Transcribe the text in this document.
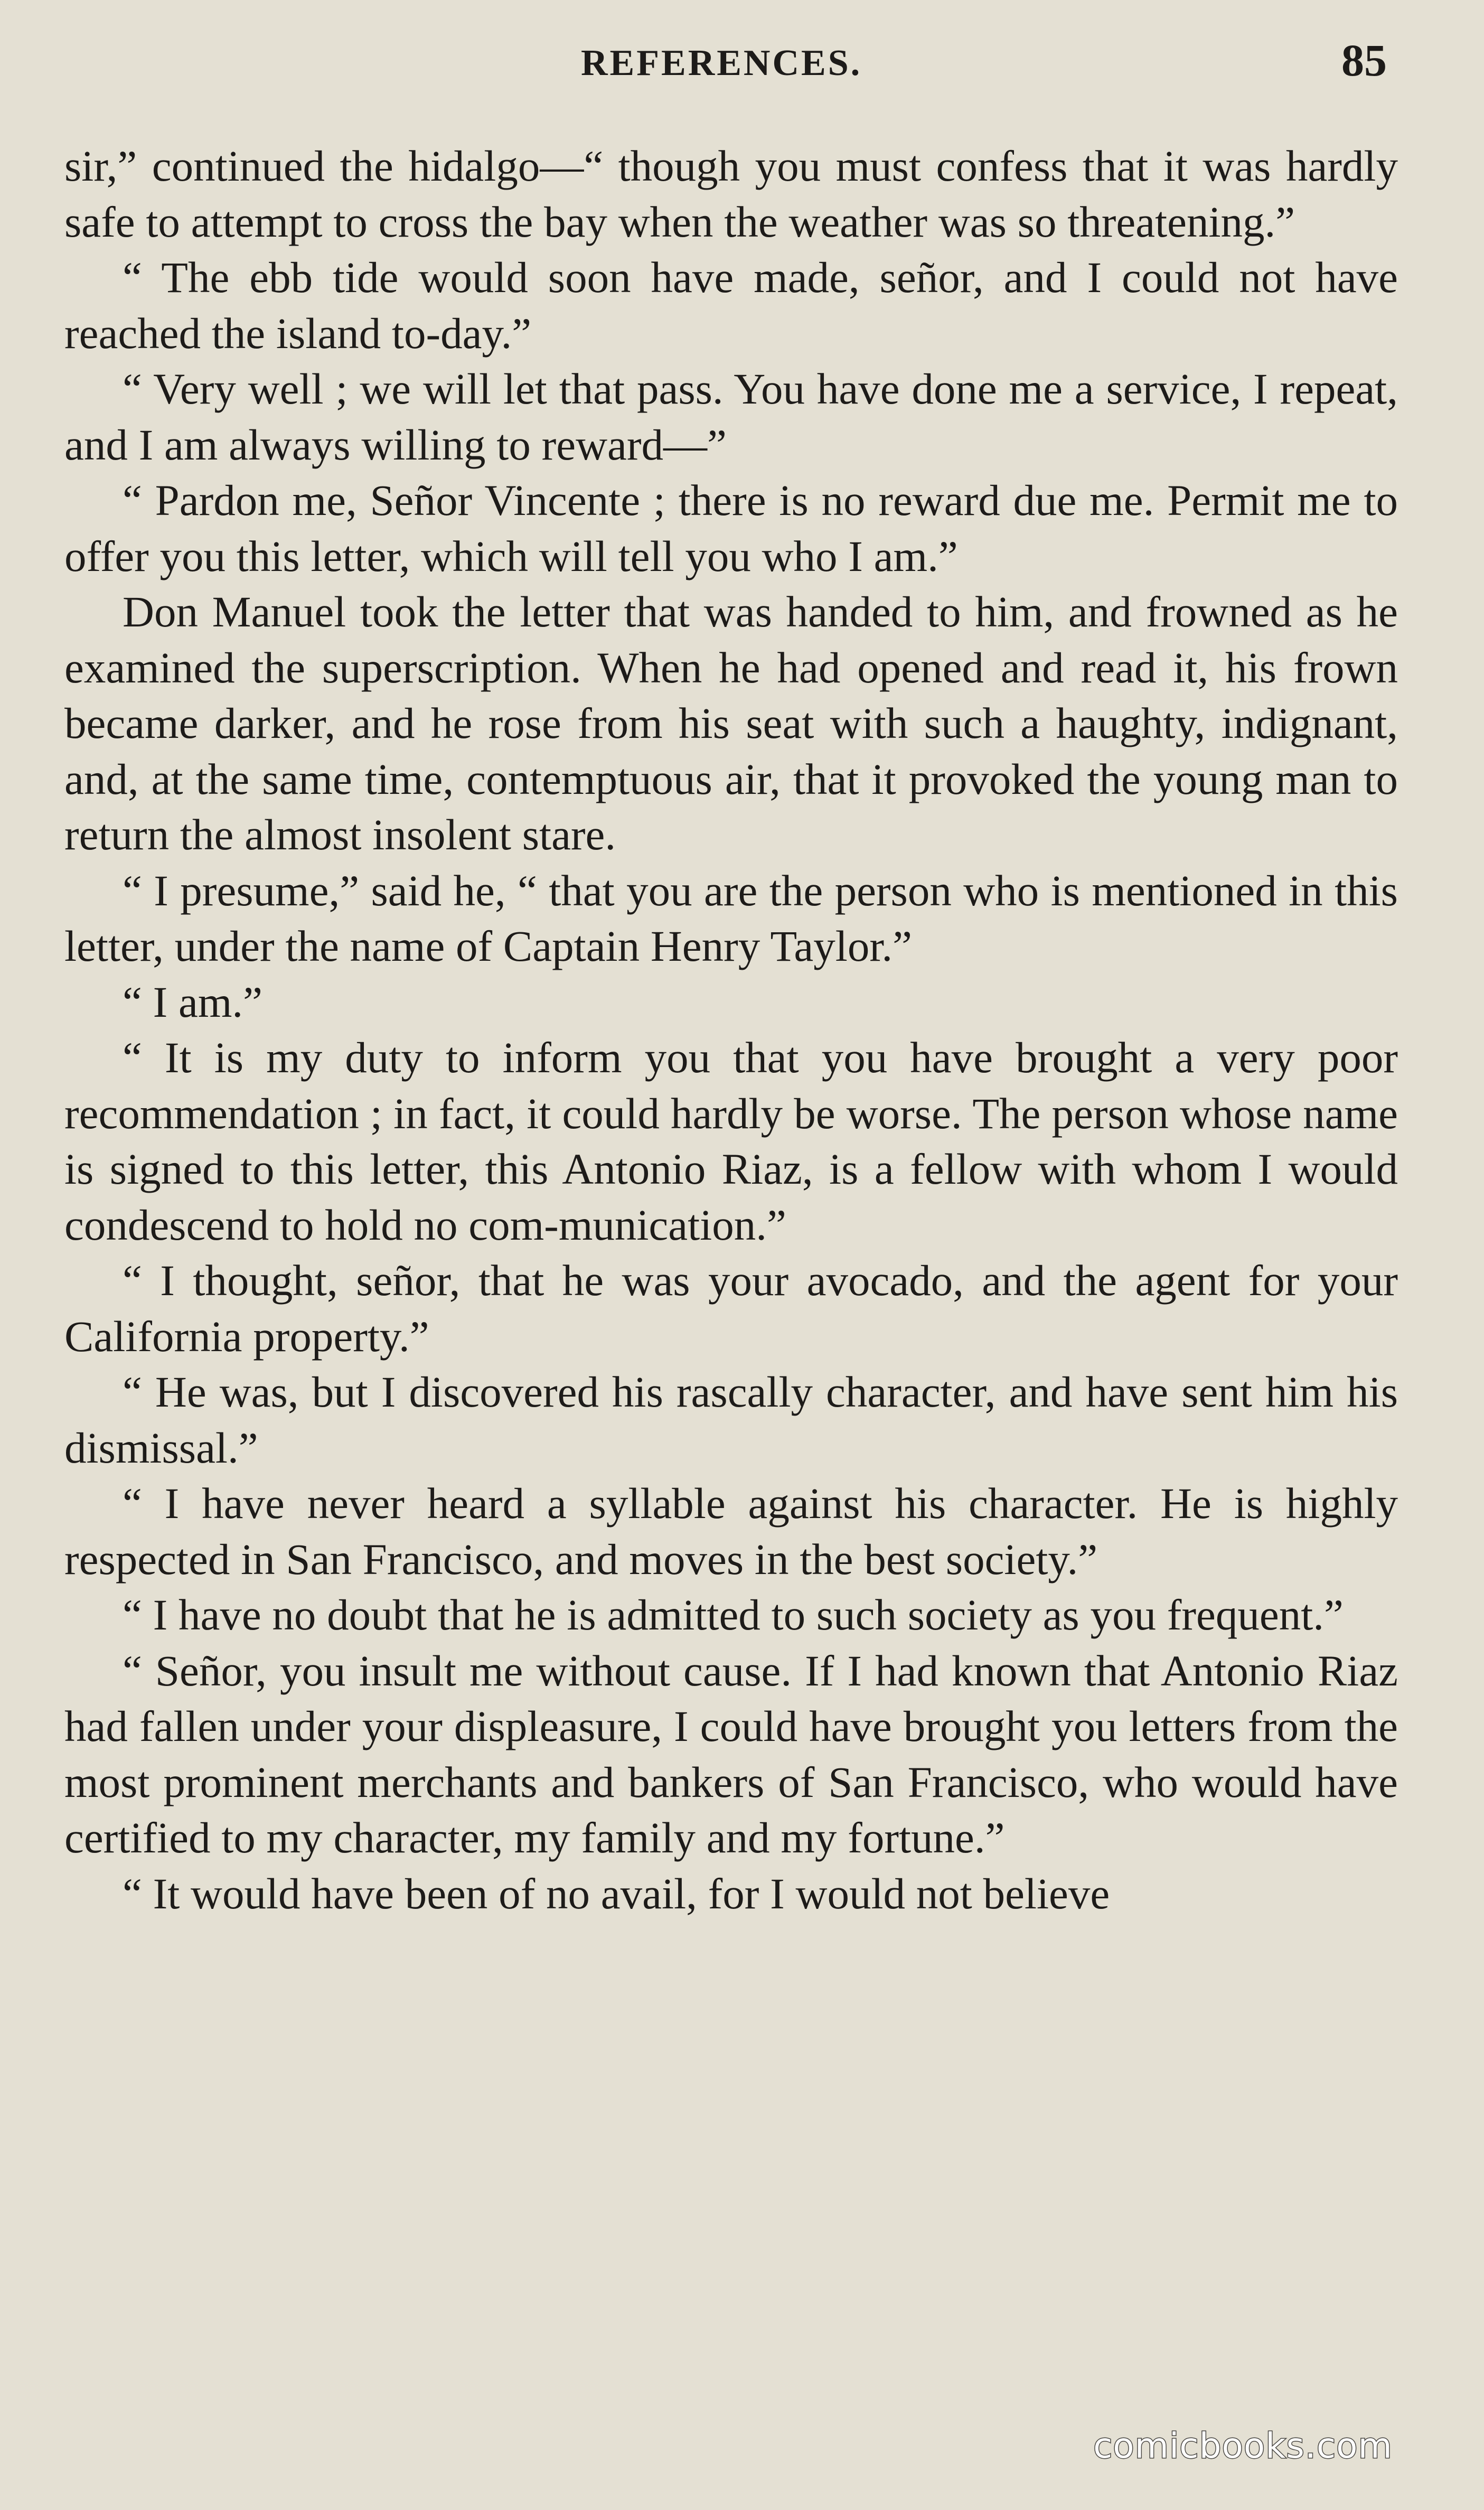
REFERENCES.	85

sir,” continued the hidalgo—“ though you must confess that it was hardly safe to attempt to cross the bay when the weather was so threatening.”

“ The ebb tide would soon have made, señor, and I could not have reached the island to-day.”

“ Very well ; we will let that pass. You have done me a service, I repeat, and I am always willing to reward—”

“ Pardon me, Señor Vincente ; there is no reward due me. Permit me to offer you this letter, which will tell you who I am.”

Don Manuel took the letter that was handed to him, and frowned as he examined the superscription. When he had opened and read it, his frown became darker, and he rose from his seat with such a haughty, indignant, and, at the same time, contemptuous air, that it provoked the young man to return the almost insolent stare.

“ I presume,” said he, “ that you are the person who is mentioned in this letter, under the name of Captain Henry Taylor.”

“ I am.”

“ It is my duty to inform you that you have brought a very poor recommendation ; in fact, it could hardly be worse. The person whose name is signed to this letter, this Antonio Riaz, is a fellow with whom I would condescend to hold no com-munication.”

“ I thought, señor, that he was your avocado, and the agent for your California property.”

“ He was, but I discovered his rascally character, and have sent him his dismissal.”

“ I have never heard a syllable against his character. He is highly respected in San Francisco, and moves in the best society.”

“ I have no doubt that he is admitted to such society as you frequent.”

“ Señor, you insult me without cause. If I had known that Antonio Riaz had fallen under your displeasure, I could have brought you letters from the most prominent merchants and bankers of San Francisco, who would have certified to my character, my family and my fortune.”

“ It would have been of no avail, for I would not believe

comicbooks.com
